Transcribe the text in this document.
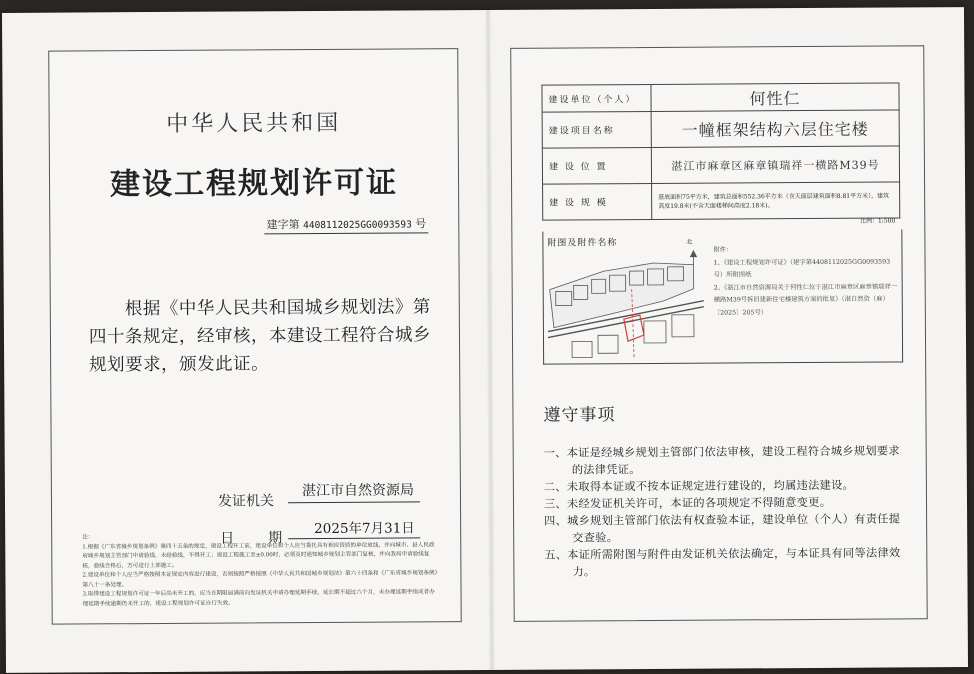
中华人民共和国
建设工程规划许可证
建字第 4408112025GG0093593 号
根据《中华人民共和国城乡规划法》第四十条规定，经审核，本建设工程符合城乡规划要求，颁发此证。
发证机关
湛江市自然资源局
日　　期
2025年7月31日
注：
1.根据《广东省城乡规划条例》第四十五条的规定，建设工程开工前，建设单位和个人应当委托具有相应资质的单位放线，并向城市、县人民政府城乡规划主管部门申请验线，未经验线，不得开工；建设工程施工至±0.00时，必须及时通知城乡规划主管部门复核，并向我局申请验线复核，验线合格后，方可进行上部施工。
2.建设单位和个人应当严格按照本证规定内容进行建设，否则按照严格按照《中华人民共和国城乡规划法》第六十四条和《广东省城乡规划条例》第八十一条处理。
3.取得建设工程规划许可证一年后尚未开工的，应当在期限届满前向发证机关申请办理延期手续，延长期不超过六个月，未办理延期手续或者办理延期手续逾期仍未开工的，建设工程规划许可证自行失效。
建设单位（个人）	何性仁
建设项目名称	一幢框架结构六层住宅楼
建 设 位 置	湛江市麻章区麻章镇瑞祥一横路M39号
建 设 规 模	基底面积75平方米，建筑总面积552.36平方米（含天面层建筑面积8.81平方米），建筑高度19.8米(不含天面楼梯间高度2.18米)。
附图及附件名称	北
比例：1:500
附件：
1、《建设工程规划许可证》（建字第4408112025GG0093593号）所附图纸
2、《湛江市自然资源局关于何性仁位于湛江市麻章区麻章镇瑞祥一横路M39号拆旧建新住宅楼建筑方案的批复》（湛自然资（麻）〔2025〕205号）
遵守事项
一、本证是经城乡规划主管部门依法审核，建设工程符合城乡规划要求的法律凭证。
二、未取得本证或不按本证规定进行建设的，均属违法建设。
三、未经发证机关许可，本证的各项规定不得随意变更。
四、城乡规划主管部门依法有权查验本证，建设单位（个人）有责任提交查验。
五、本证所需附图与附件由发证机关依法确定，与本证具有同等法律效力。
